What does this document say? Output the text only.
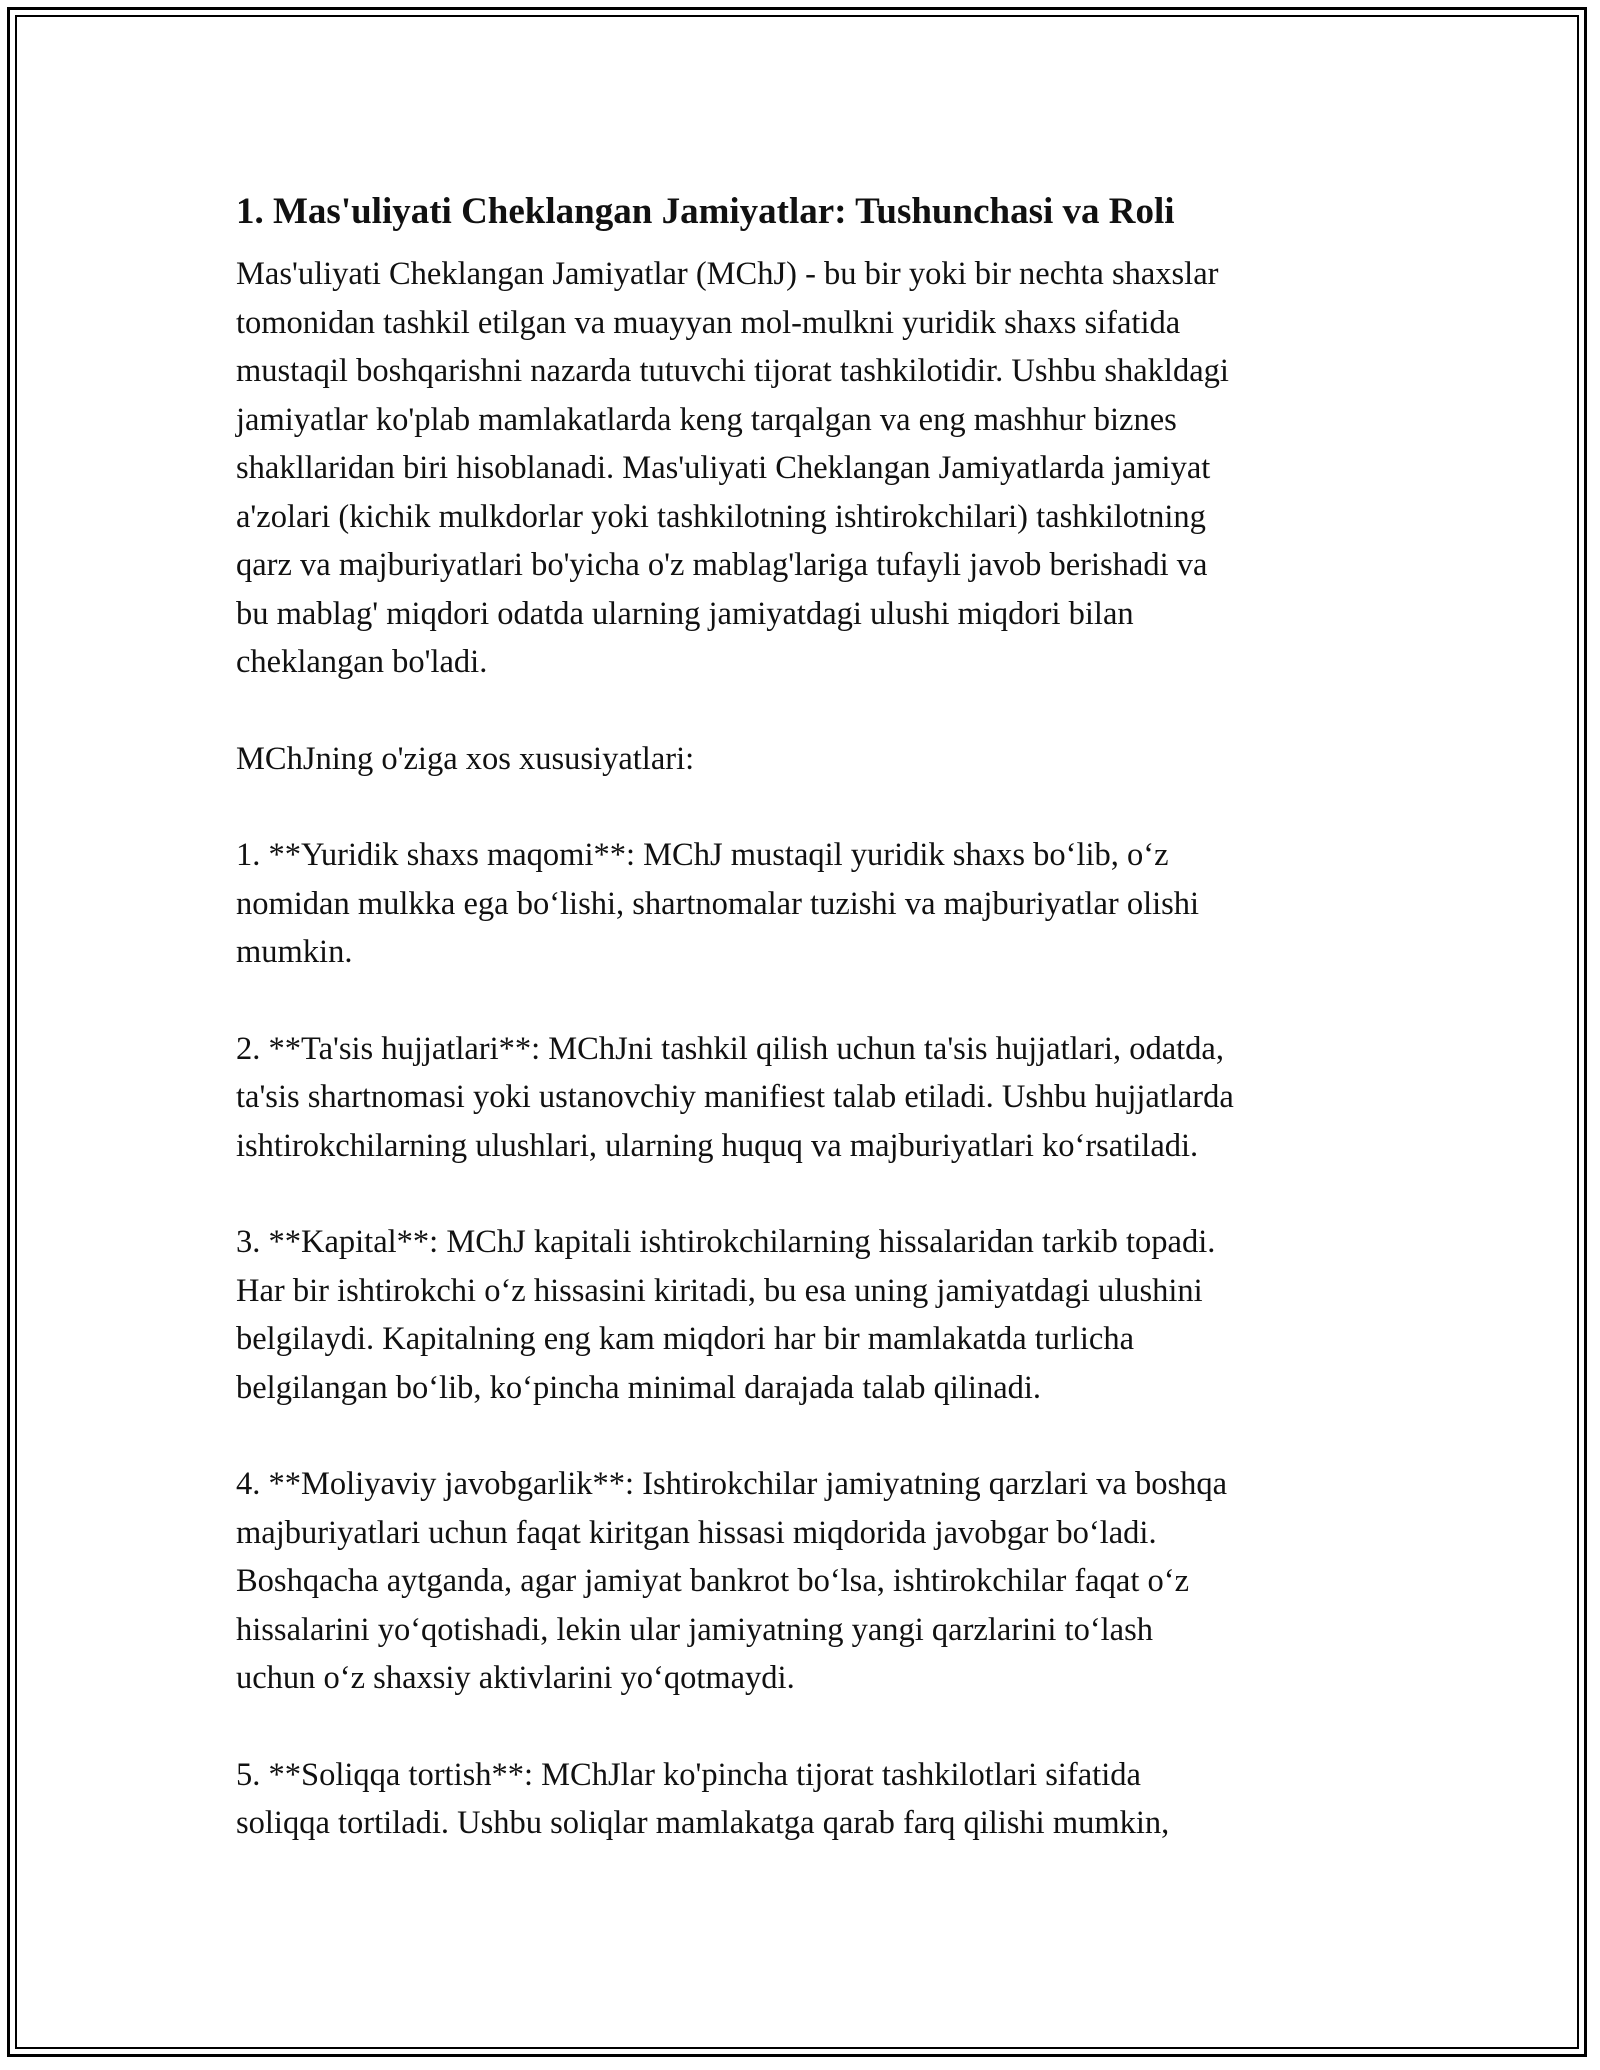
1. Mas'uliyati Cheklangan Jamiyatlar: Tushunchasi va Roli

Mas'uliyati Cheklangan Jamiyatlar (MChJ) - bu bir yoki bir nechta shaxslar
tomonidan tashkil etilgan va muayyan mol-mulkni yuridik shaxs sifatida
mustaqil boshqarishni nazarda tutuvchi tijorat tashkilotidir. Ushbu shakldagi
jamiyatlar ko'plab mamlakatlarda keng tarqalgan va eng mashhur biznes
shakllaridan biri hisoblanadi. Mas'uliyati Cheklangan Jamiyatlarda jamiyat
a'zolari (kichik mulkdorlar yoki tashkilotning ishtirokchilari) tashkilotning
qarz va majburiyatlari bo'yicha o'z mablag'lariga tufayli javob berishadi va
bu mablag' miqdori odatda ularning jamiyatdagi ulushi miqdori bilan
cheklangan bo'ladi.

MChJning o'ziga xos xususiyatlari:

1. **Yuridik shaxs maqomi**: MChJ mustaqil yuridik shaxs boʻlib, oʻz
nomidan mulkka ega boʻlishi, shartnomalar tuzishi va majburiyatlar olishi
mumkin.

2. **Ta'sis hujjatlari**: MChJni tashkil qilish uchun ta'sis hujjatlari, odatda,
ta'sis shartnomasi yoki ustanovchiy manifiest talab etiladi. Ushbu hujjatlarda
ishtirokchilarning ulushlari, ularning huquq va majburiyatlari koʻrsatiladi.

3. **Kapital**: MChJ kapitali ishtirokchilarning hissalaridan tarkib topadi.
Har bir ishtirokchi oʻz hissasini kiritadi, bu esa uning jamiyatdagi ulushini
belgilaydi. Kapitalning eng kam miqdori har bir mamlakatda turlicha
belgilangan boʻlib, koʻpincha minimal darajada talab qilinadi.

4. **Moliyaviy javobgarlik**: Ishtirokchilar jamiyatning qarzlari va boshqa
majburiyatlari uchun faqat kiritgan hissasi miqdorida javobgar boʻladi.
Boshqacha aytganda, agar jamiyat bankrot boʻlsa, ishtirokchilar faqat oʻz
hissalarini yoʻqotishadi, lekin ular jamiyatning yangi qarzlarini toʻlash
uchun oʻz shaxsiy aktivlarini yoʻqotmaydi.

5. **Soliqqa tortish**: MChJlar ko'pincha tijorat tashkilotlari sifatida
soliqqa tortiladi. Ushbu soliqlar mamlakatga qarab farq qilishi mumkin,
